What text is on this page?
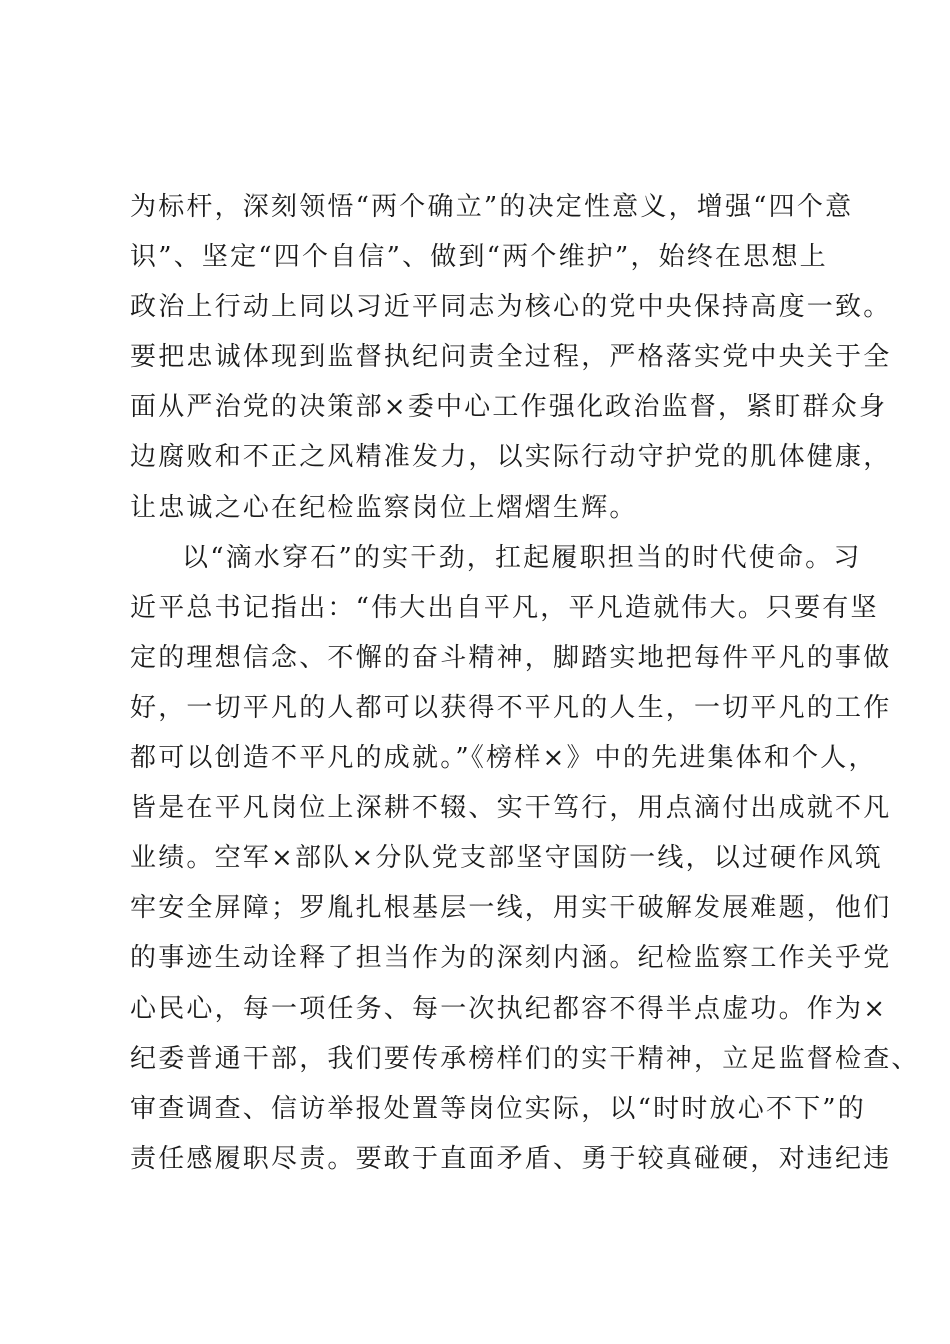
为标杆，深刻领悟“两个确立”的决定性意义，增强“四个意
识”、坚定“四个自信”、做到“两个维护”，始终在思想上
政治上行动上同以习近平同志为核心的党中央保持高度一致。
要把忠诚体现到监督执纪问责全过程，严格落实党中央关于全
面从严治党的决策部×委中心工作强化政治监督，紧盯群众身
边腐败和不正之风精准发力，以实际行动守护党的肌体健康，
让忠诚之心在纪检监察岗位上熠熠生辉。
以“滴水穿石”的实干劲，扛起履职担当的时代使命。习
近平总书记指出：“伟大出自平凡，平凡造就伟大。只要有坚
定的理想信念、不懈的奋斗精神，脚踏实地把每件平凡的事做
好，一切平凡的人都可以获得不平凡的人生，一切平凡的工作
都可以创造不平凡的成就。”《榜样×》中的先进集体和个人，
皆是在平凡岗位上深耕不辍、实干笃行，用点滴付出成就不凡
业绩。空军×部队×分队党支部坚守国防一线，以过硬作风筑
牢安全屏障；罗胤扎根基层一线，用实干破解发展难题，他们
的事迹生动诠释了担当作为的深刻内涵。纪检监察工作关乎党
心民心，每一项任务、每一次执纪都容不得半点虚功。作为×
纪委普通干部，我们要传承榜样们的实干精神，立足监督检查、
审查调查、信访举报处置等岗位实际，以“时时放心不下”的
责任感履职尽责。要敢于直面矛盾、勇于较真碰硬，对违纪违
